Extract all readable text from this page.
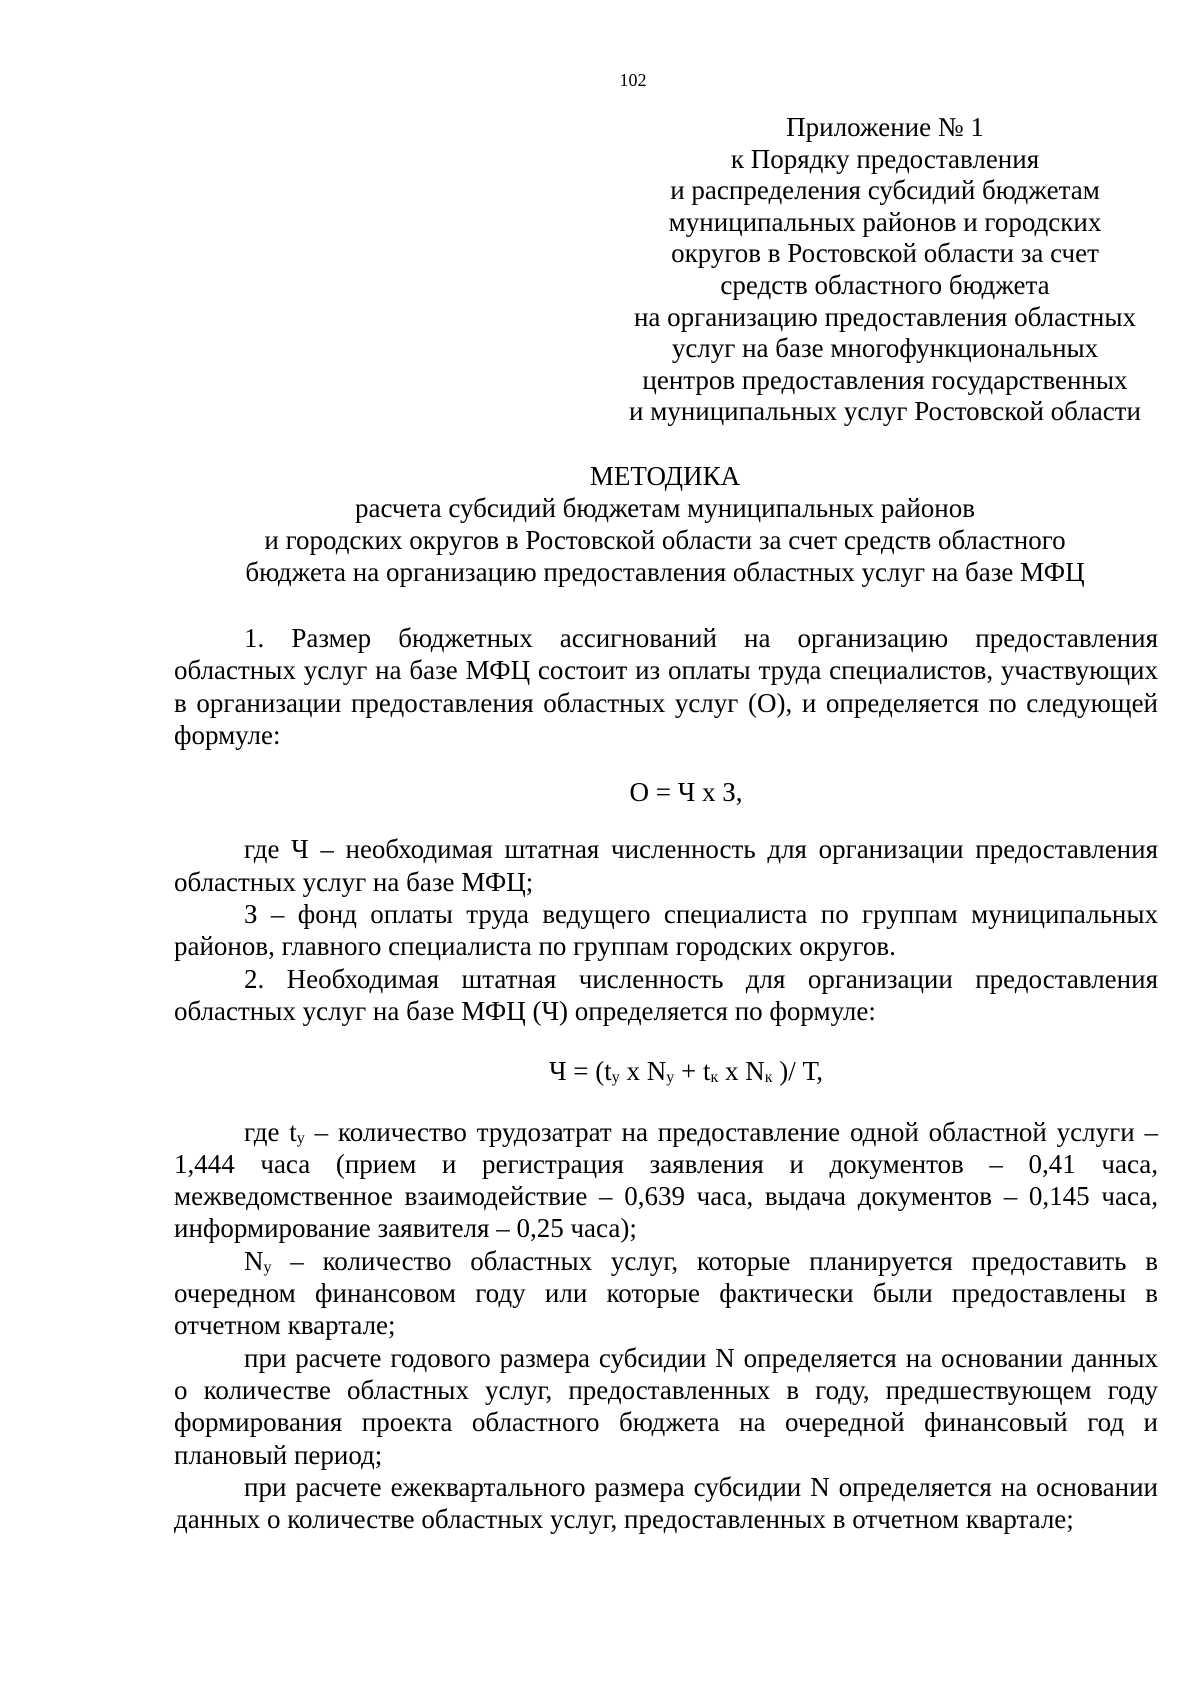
102
Приложение № 1
к Порядку предоставления
и распределения субсидий бюджетам
муниципальных районов и городских
округов в Ростовской области за счет
средств областного бюджета
на организацию предоставления областных
услуг на базе многофункциональных
центров предоставления государственных
и муниципальных услуг Ростовской области
МЕТОДИКА
расчета субсидий бюджетам муниципальных районов
и городских округов в Ростовской области за счет средств областного
бюджета на организацию предоставления областных услуг на базе МФЦ

1. Размер бюджетных ассигнований на организацию предоставления областных услуг на базе МФЦ состоит из оплаты труда специалистов, участвующих в организации предоставления областных услуг (О), и определяется по следующей формуле:

О = Ч х З,

где Ч – необходимая штатная численность для организации предоставления областных услуг на базе МФЦ;

З – фонд оплаты труда ведущего специалиста по группам муниципальных районов, главного специалиста по группам городских округов.

2. Необходимая штатная численность для организации предоставления областных услуг на базе МФЦ (Ч) определяется по формуле:

$Ч = (t_у$ х $N_у + t_к$ х $N_к$ )/ Т,

где $t_у$ – количество трудозатрат на предоставление одной областной услуги – 1,444 часа (прием и регистрация заявления и документов – 0,41 часа, межведомственное взаимодействие – 0,639 часа, выдача документов – 0,145 часа, информирование заявителя – 0,25 часа);

$N_у$ – количество областных услуг, которые планируется предоставить в очередном финансовом году или которые фактически были предоставлены в отчетном квартале;

при расчете годового размера субсидии N определяется на основании данных о количестве областных услуг, предоставленных в году, предшествующем году формирования проекта областного бюджета на очередной финансовый год и плановый период;

при расчете ежеквартального размера субсидии N определяется на основании данных о количестве областных услуг, предоставленных в отчетном квартале;
